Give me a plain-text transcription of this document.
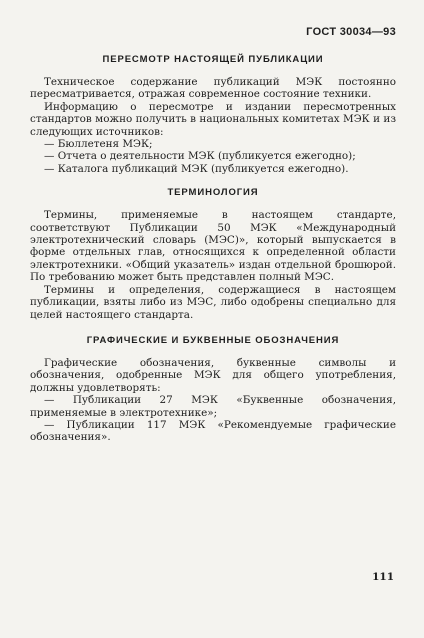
ГОСТ 30034—93
ПЕРЕСМОТР НАСТОЯЩЕЙ ПУБЛИКАЦИИ

Техническое содержание публикаций МЭК постоянно пересматривается, отражая современное состояние техники.

Информацию о пересмотре и издании пересмотренных стандартов можно получить в национальных комитетах МЭК и из следующих источников:

— Бюллетеня МЭК;

— Отчета о деятельности МЭК (публикуется ежегодно);

— Каталога публикаций МЭК (публикуется ежегодно).

ТЕРМИНОЛОГИЯ

Термины, применяемые в настоящем стандарте, соответствуют Публикации 50 МЭК «Международный электротехнический словарь (МЭС)», который выпускается в форме отдельных глав, относящихся к определенной области электротехники. «Общий указатель» издан отдельной брошюрой. По требованию может быть представлен полный МЭС.

Термины и определения, содержащиеся в настоящем публикации, взяты либо из МЭС, либо одобрены специально для целей настоящего стандарта.

ГРАФИЧЕСКИЕ И БУКВЕННЫЕ ОБОЗНАЧЕНИЯ

Графические обозначения, буквенные символы и обозначения, одобренные МЭК для общего употребления, должны удовлетворять:

— Публикации 27 МЭК «Буквенные обозначения, применяемые в электротехнике»;

— Публикации 117 МЭК «Рекомендуемые графические обозначения».

111
